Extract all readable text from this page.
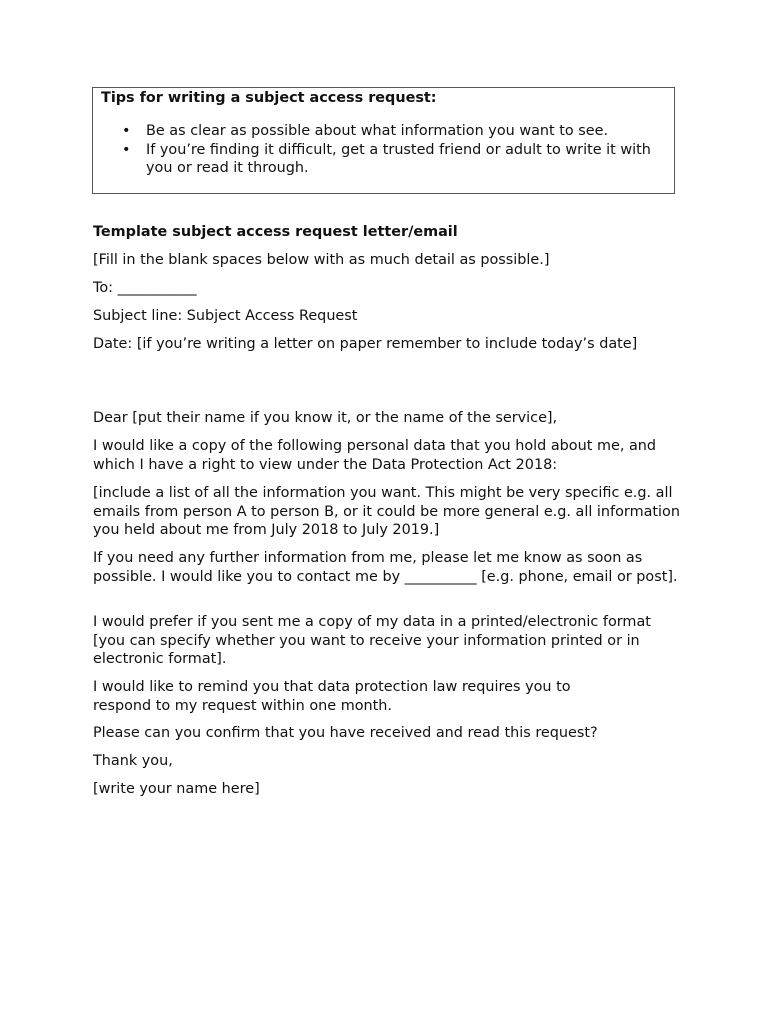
Tips for writing a subject access request:

• Be as clear as possible about what information you want to see.
• If you’re finding it difficult, get a trusted friend or adult to write it with you or read it through.

Template subject access request letter/email

[Fill in the blank spaces below with as much detail as possible.]

To: ___________

Subject line: Subject Access Request

Date: [if you’re writing a letter on paper remember to include today’s date]

Dear [put their name if you know it, or the name of the service],

I would like a copy of the following personal data that you hold about me, and which I have a right to view under the Data Protection Act 2018:

[include a list of all the information you want. This might be very specific e.g. all emails from person A to person B, or it could be more general e.g. all information you held about me from July 2018 to July 2019.]

If you need any further information from me, please let me know as soon as possible. I would like you to contact me by __________ [e.g. phone, email or post].

I would prefer if you sent me a copy of my data in a printed/electronic format [you can specify whether you want to receive your information printed or in electronic format].

I would like to remind you that data protection law requires you to respond to my request within one month.

Please can you confirm that you have received and read this request?

Thank you,

[write your name here]
